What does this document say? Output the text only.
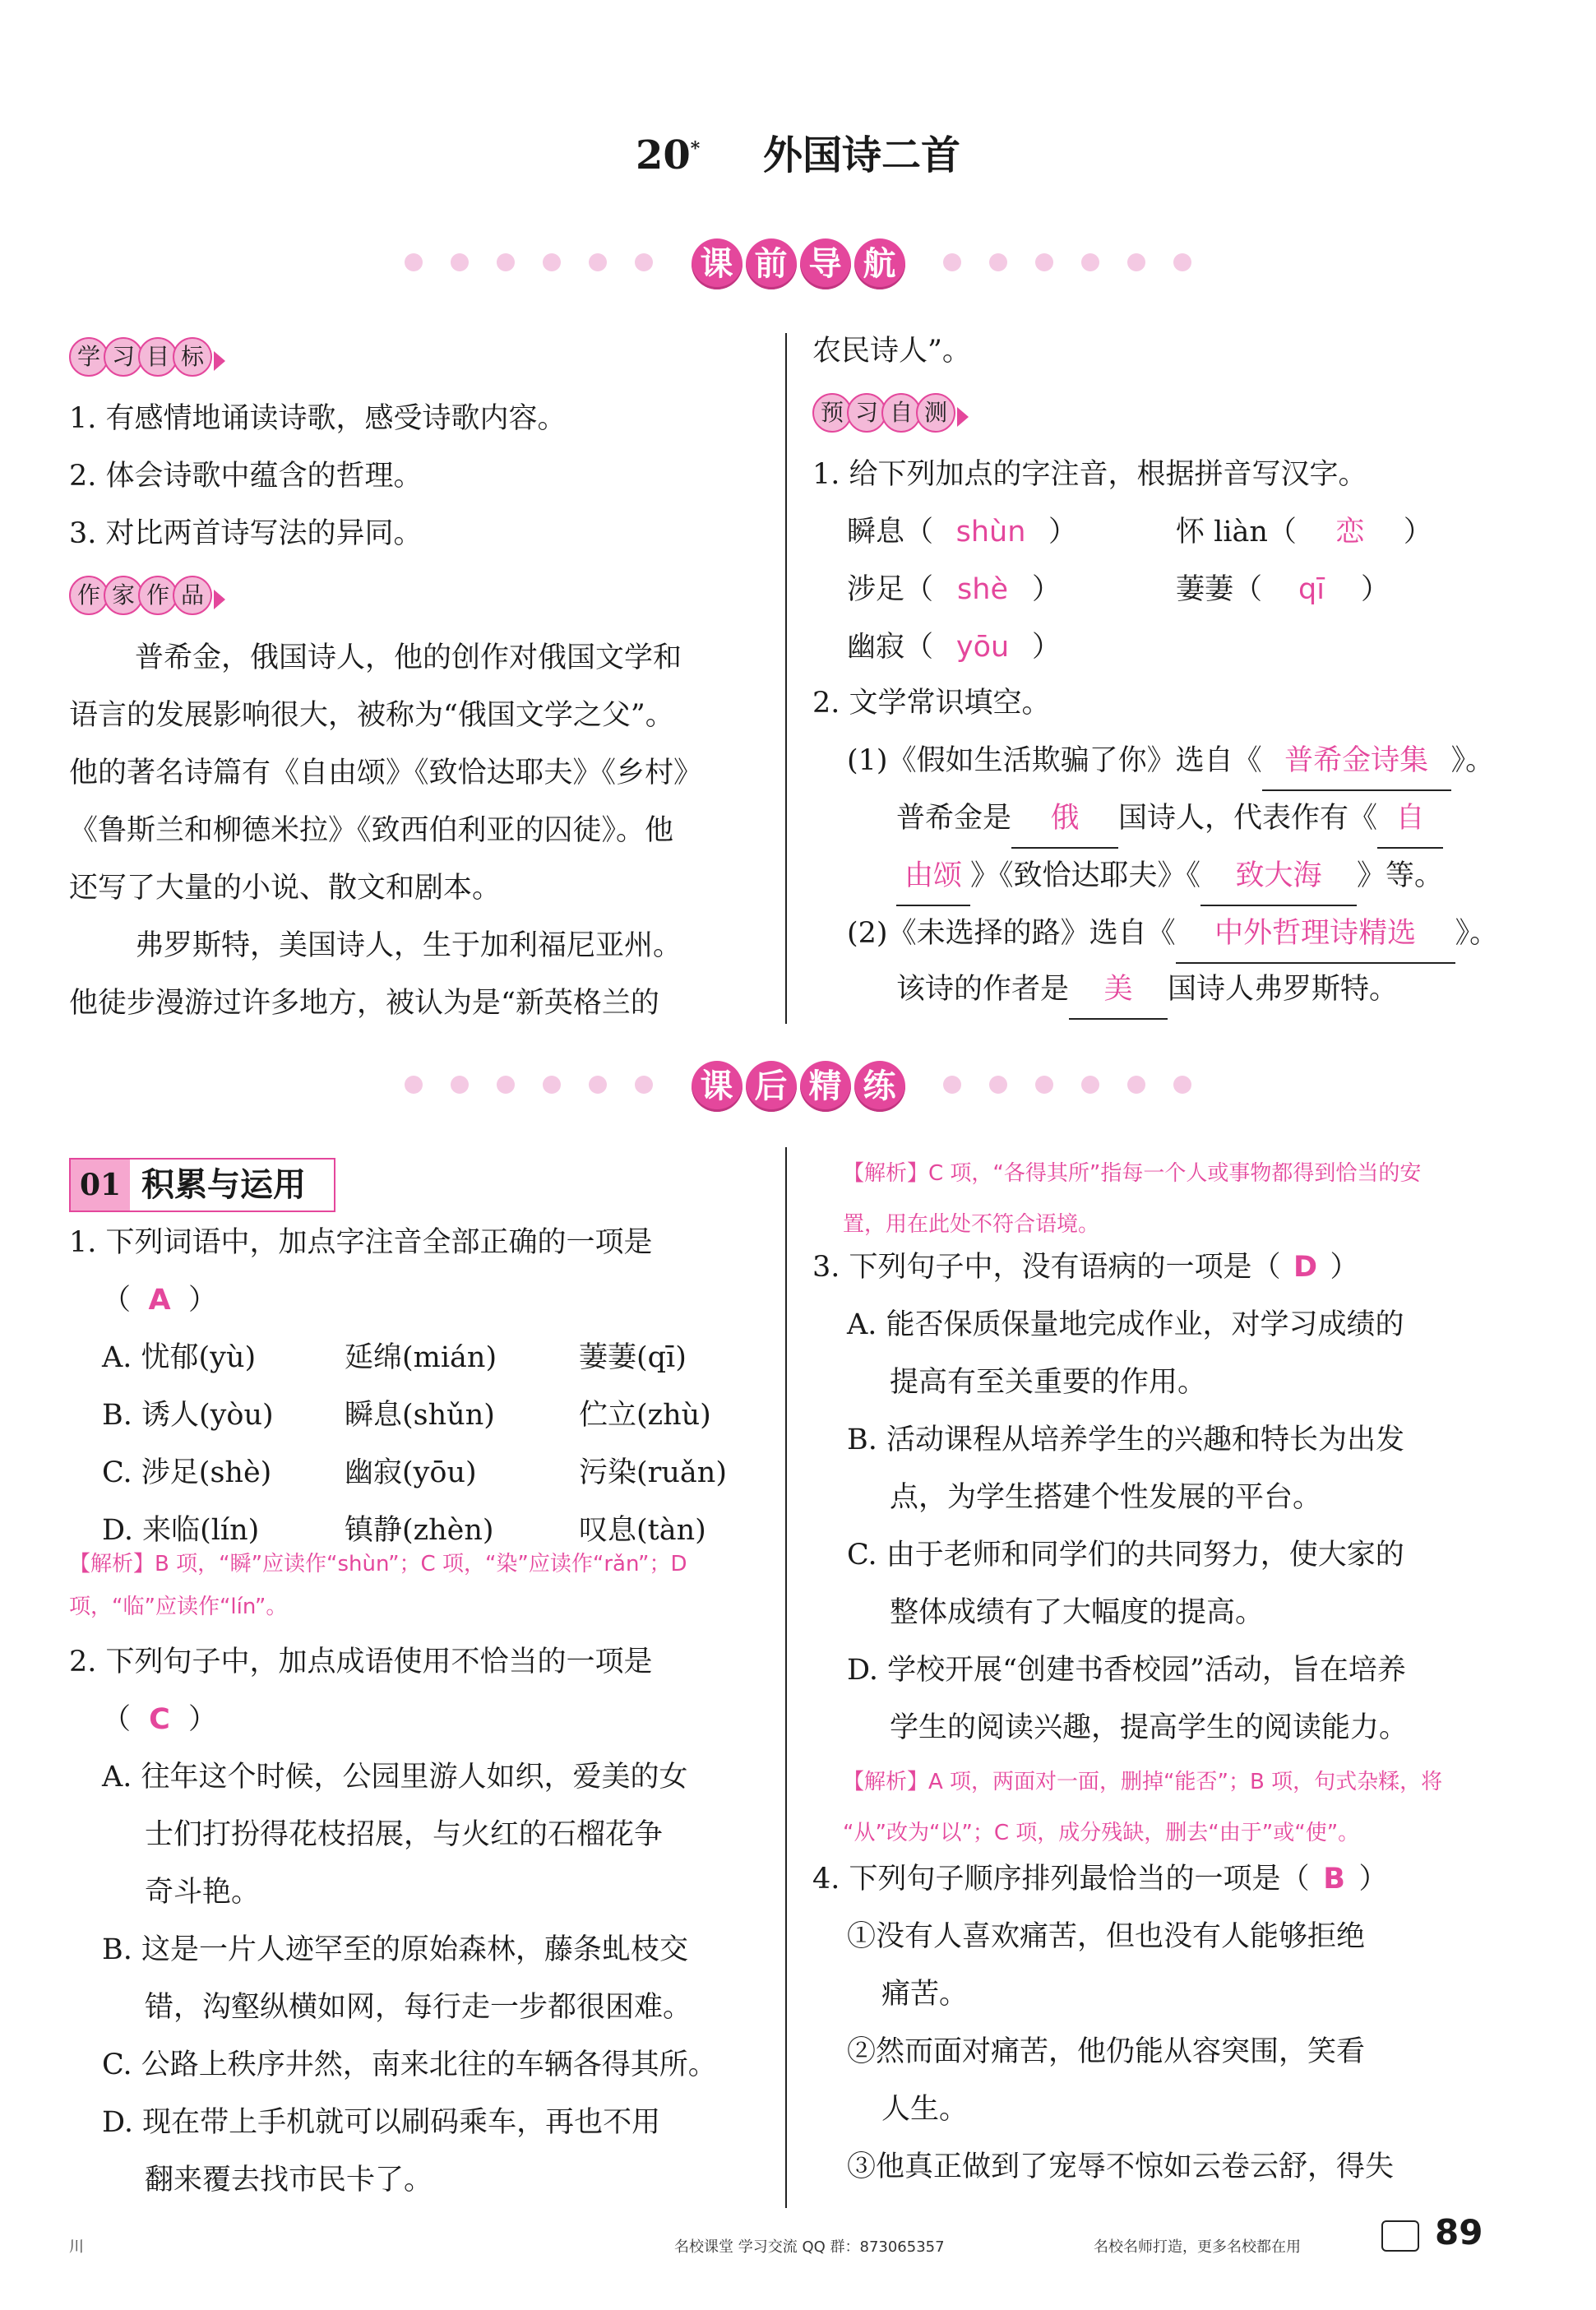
20* 外国诗二首
课 前 导 航
学 习 目 标
1. 有感情地诵读诗歌，感受诗歌内容。
2. 体会诗歌中蕴含的哲理。
3. 对比两首诗写法的异同。
作 家 作 品
普希金，俄国诗人，他的创作对俄国文学和
语言的发展影响很大，被称为“俄国文学之父”。
他的著名诗篇有《自由颂》《致恰达耶夫》《乡村》
《鲁斯兰和柳德米拉》《致西伯利亚的囚徒》。他
还写了大量的小说、散文和剧本。
弗罗斯特，美国诗人，生于加利福尼亚州。
他徒步漫游过许多地方，被认为是“新英格兰的
农民诗人”。
预 习 自 测
1. 给下列加点的字注音，根据拼音写汉字。
瞬息（ shùn ）	怀 liàn（ 恋 ）
涉足（ shè ）	萋萋（ qī ）
幽寂（ yōu ）
2. 文学常识填空。
(1)《假如生活欺骗了你》选自《 普希金诗集 》。
普希金是 俄 国诗人，代表作有《 自
由颂 》《致恰达耶夫》《 致大海 》等。
(2)《未选择的路》选自《 中外哲理诗精选 》。
该诗的作者是 美 国诗人弗罗斯特。
课 后 精 练
01 积累与运用
1. 下列词语中，加点字注音全部正确的一项是
（ A ）
A. 忧郁(yù)	延绵(mián)	萋萋(qī)
B. 诱人(yòu) 瞬息(shǔn)	伫立(zhù)
C. 涉足(shè)	幽寂(yōu)	污染(ruǎn)
D. 来临(lín)	镇静(zhèn)	叹息(tàn)
【解析】B 项，“瞬”应读作“shùn”；C 项，“染”应读作“rǎn”；D
项，“临”应读作“lín”。
2. 下列句子中，加点成语使用不恰当的一项是
（ C ）
A. 往年这个时候，公园里游人如织，爱美的女
士们打扮得花枝招展，与火红的石榴花争
奇斗艳。
B. 这是一片人迹罕至的原始森林，藤条虬枝交
错，沟壑纵横如网，每行走一步都很困难。
C. 公路上秩序井然，南来北往的车辆各得其所。
D. 现在带上手机就可以刷码乘车，再也不用
翻来覆去找市民卡了。
【解析】C 项，“各得其所”指每一个人或事物都得到恰当的安
置，用在此处不符合语境。
3. 下列句子中，没有语病的一项是（ D ）
A. 能否保质保量地完成作业，对学习成绩的
提高有至关重要的作用。
B. 活动课程从培养学生的兴趣和特长为出发
点，为学生搭建个性发展的平台。
C. 由于老师和同学们的共同努力，使大家的
整体成绩有了大幅度的提高。
D. 学校开展“创建书香校园”活动，旨在培养
学生的阅读兴趣，提高学生的阅读能力。
【解析】A 项，两面对一面，删掉“能否”；B 项，句式杂糅，将
“从”改为“以”；C 项，成分残缺，删去“由于”或“使”。
4. 下列句子顺序排列最恰当的一项是（ B ）
①没有人喜欢痛苦，但也没有人能够拒绝
痛苦。
②然而面对痛苦，他仍能从容突围，笑看
人生。
③他真正做到了宠辱不惊如云卷云舒，得失
川	名校课堂 学习交流 QQ 群：873065357	名校名师打造，更多名校都在用	89
